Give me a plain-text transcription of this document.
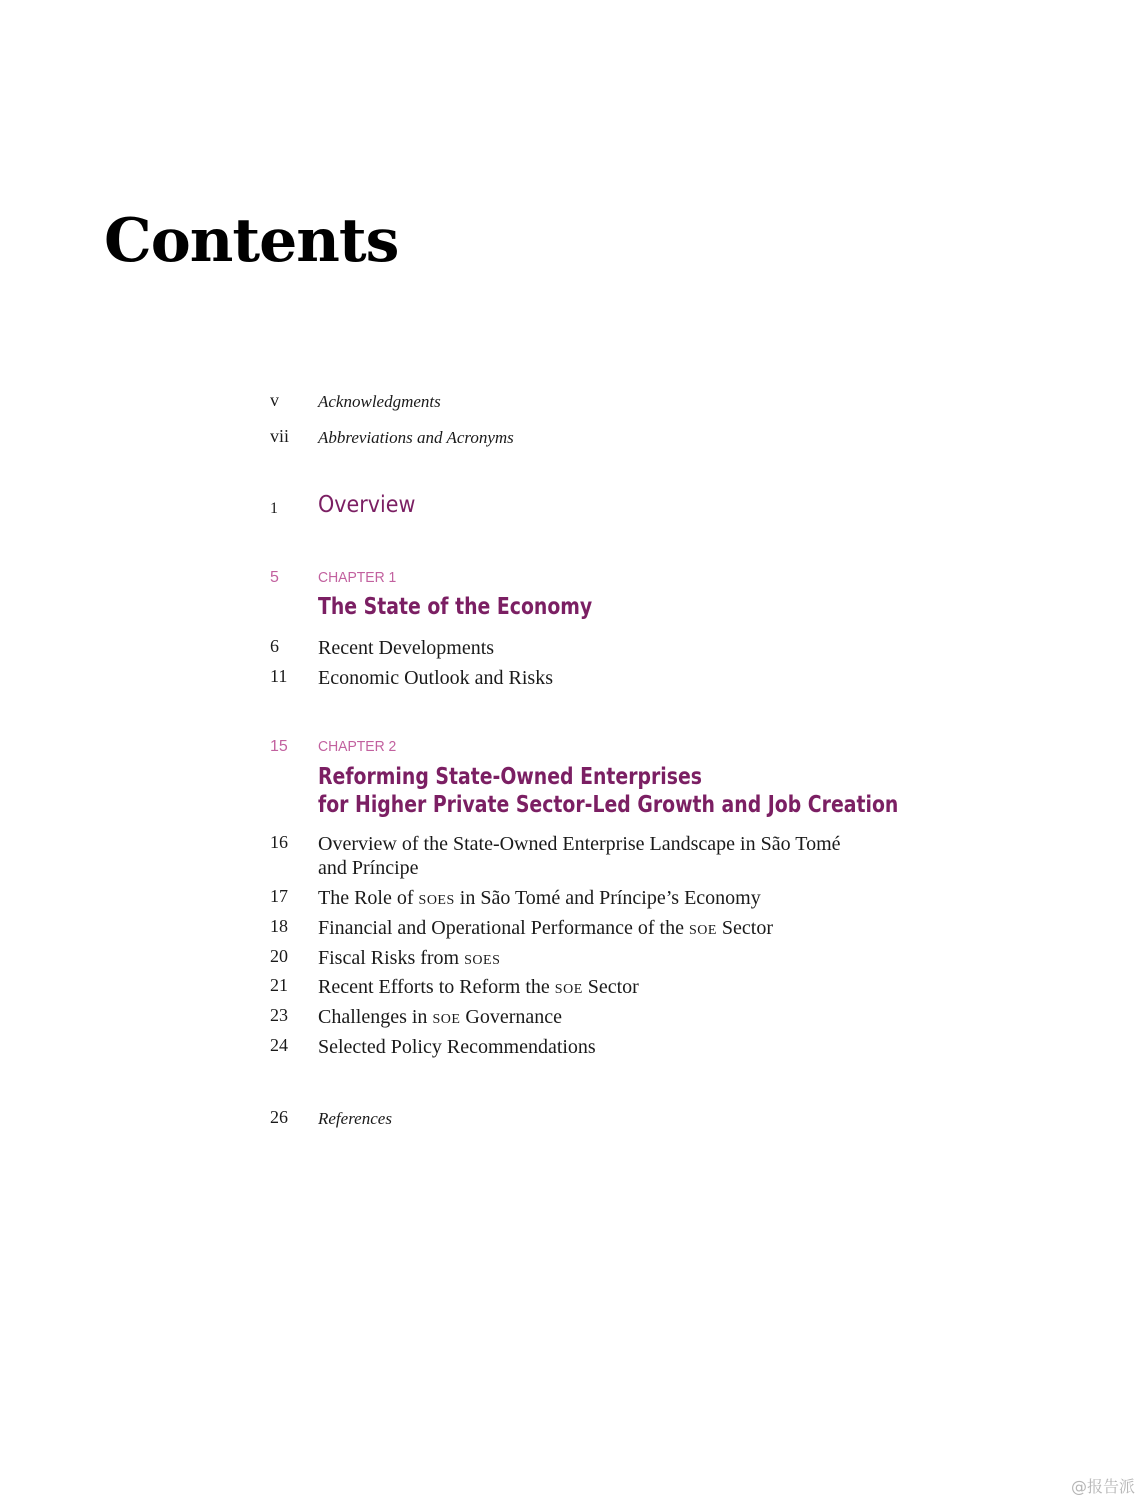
Contents
v Acknowledgments
vii Abbreviations and Acronyms
1 Overview
5	CHAPTER 1
The State of the Economy
6 Recent Developments
11 Economic Outlook and Risks
15 CHAPTER 2
Reforming State-Owned Enterprises
for Higher Private Sector-Led Growth and Job Creation
16 Overview of the State-Owned Enterprise Landscape in São Tomé
and Príncipe
17 The Role of soes in São Tomé and Príncipe’s Economy
18 Financial and Operational Performance of the soe Sector
20 Fiscal Risks from soes
21 Recent Efforts to Reform the soe Sector
23 Challenges in soe Governance
24 Selected Policy Recommendations
26 References
@报告派
